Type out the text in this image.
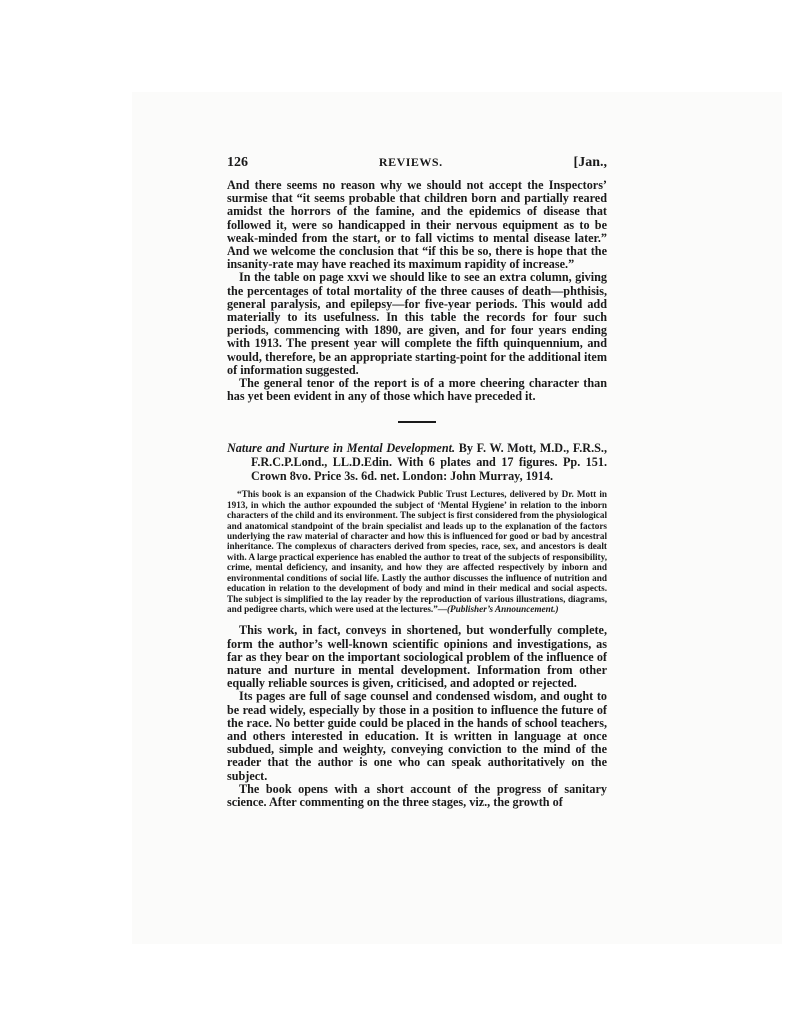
126	REVIEWS.	[Jan.,

And there seems no reason why we should not accept the Inspectors’ surmise that “it seems probable that children born and partially reared amidst the horrors of the famine, and the epidemics of disease that followed it, were so handicapped in their nervous equipment as to be weak-minded from the start, or to fall victims to mental disease later.” And we welcome the conclusion that “if this be so, there is hope that the insanity-rate may have reached its maximum rapidity of increase.”

In the table on page xxvi we should like to see an extra column, giving the percentages of total mortality of the three causes of death—phthisis, general paralysis, and epilepsy—for five-year periods. This would add materially to its usefulness. In this table the records for four such periods, commencing with 1890, are given, and for four years ending with 1913. The present year will complete the fifth quinquennium, and would, therefore, be an appropriate starting-point for the additional item of information suggested.

The general tenor of the report is of a more cheering character than has yet been evident in any of those which have preceded it.

Nature and Nurture in Mental Development. By F. W. Mott, M.D., F.R.S., F.R.C.P.Lond., LL.D.Edin. With 6 plates and 17 figures. Pp. 151. Crown 8vo. Price 3s. 6d. net. London: John Murray, 1914.

“This book is an expansion of the Chadwick Public Trust Lectures, delivered by Dr. Mott in 1913, in which the author expounded the subject of ‘Mental Hygiene’ in relation to the inborn characters of the child and its environment. The subject is first considered from the physiological and anatomical standpoint of the brain specialist and leads up to the explanation of the factors underlying the raw material of character and how this is influenced for good or bad by ancestral inheritance. The complexus of characters derived from species, race, sex, and ancestors is dealt with. A large practical experience has enabled the author to treat of the subjects of responsibility, crime, mental deficiency, and insanity, and how they are affected respectively by inborn and environmental conditions of social life. Lastly the author discusses the influence of nutrition and education in relation to the development of body and mind in their medical and social aspects. The subject is simplified to the lay reader by the reproduction of various illustrations, diagrams, and pedigree charts, which were used at the lectures.”—(Publisher’s Announcement.)

This work, in fact, conveys in shortened, but wonderfully complete, form the author’s well-known scientific opinions and investigations, as far as they bear on the important sociological problem of the influence of nature and nurture in mental development. Information from other equally reliable sources is given, criticised, and adopted or rejected.

Its pages are full of sage counsel and condensed wisdom, and ought to be read widely, especially by those in a position to influence the future of the race. No better guide could be placed in the hands of school teachers, and others interested in education. It is written in language at once subdued, simple and weighty, conveying conviction to the mind of the reader that the author is one who can speak authoritatively on the subject.

The book opens with a short account of the progress of sanitary science. After commenting on the three stages, viz., the growth of
